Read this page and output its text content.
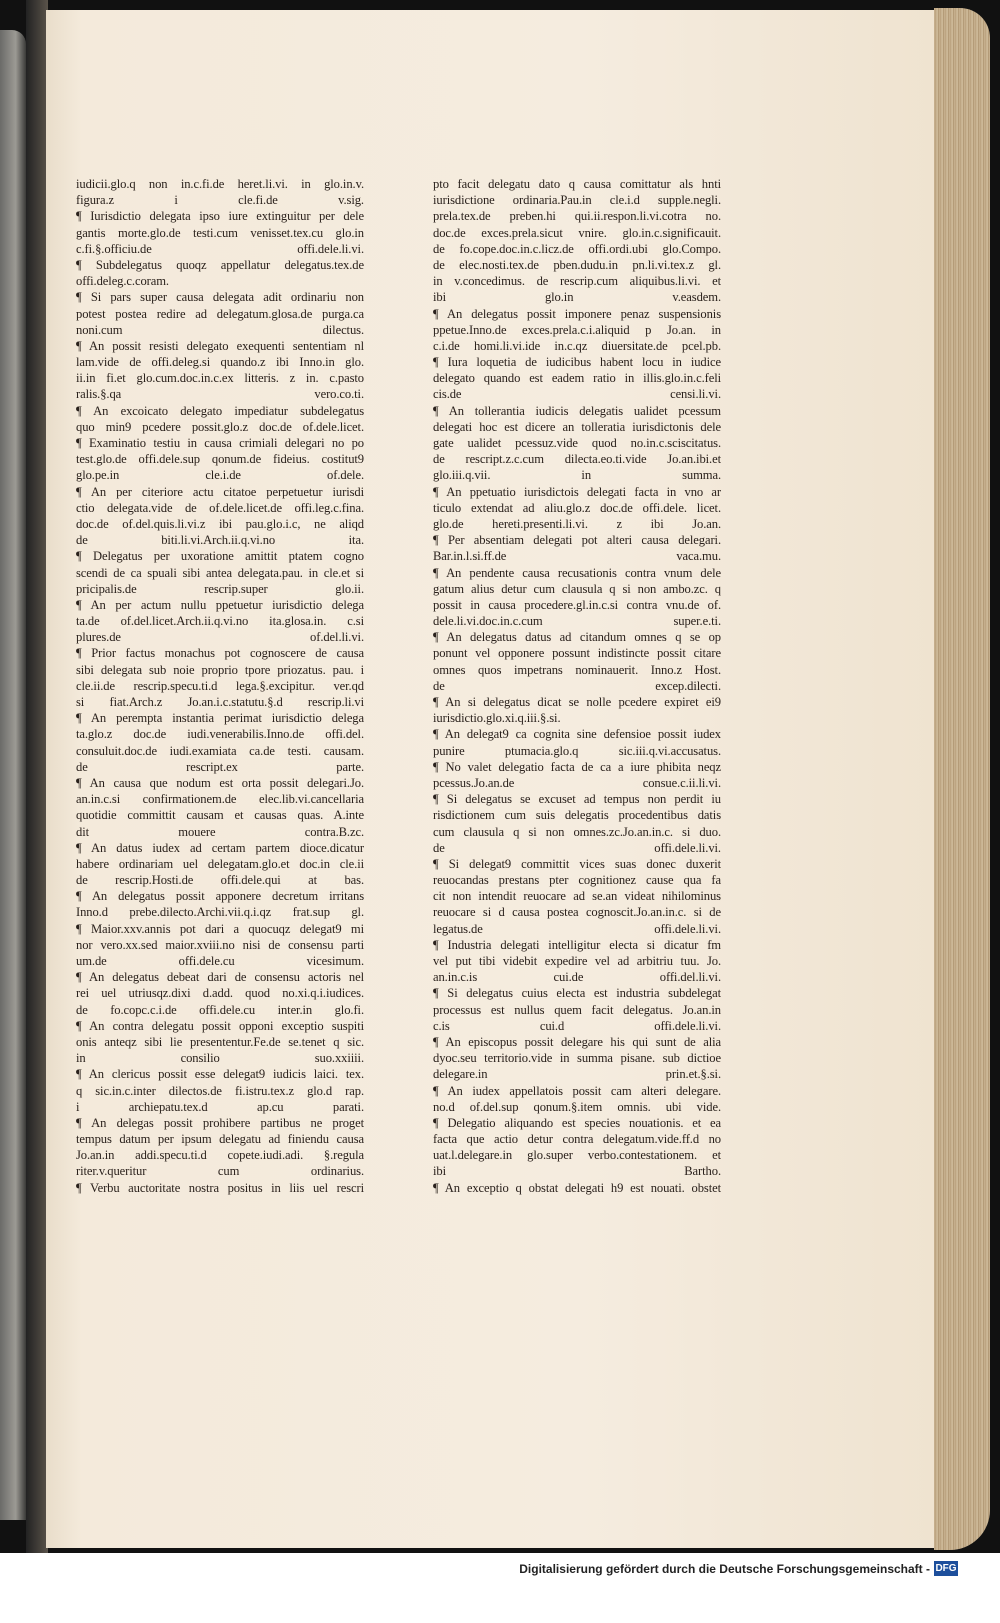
iudicii.glo.q non in.c.fi.de heret.li.vi. in glo.in.v.
figura.z i cle.fi.de v.sig.
¶ Iurisdictio delegata ipso iure extinguitur per dele
gantis morte.glo.de testi.cum venisset.tex.cu glo.in
c.fi.§.officiu.de offi.dele.li.vi.
¶ Subdelegatus quoqz appellatur delegatus.tex.de
offi.deleg.c.coram.
¶ Si pars super causa delegata adit ordinariu non
potest postea redire ad delegatum.glosa.de purga.ca
noni.cum dilectus.
¶ An possit resisti delegato exequenti sententiam nl
lam.vide de offi.deleg.si quando.z ibi Inno.in glo.
ii.in fi.et glo.cum.doc.in.c.ex litteris. z in. c.pasto
ralis.§.qa vero.co.ti.
¶ An excoicato delegato impediatur subdelegatus
quo min9 pcedere possit.glo.z doc.de of.dele.licet.
¶ Examinatio testiu in causa crimiali delegari no po
test.glo.de offi.dele.sup qonum.de fideius. costitut9
glo.pe.in cle.i.de of.dele.
¶ An per citeriore actu citatoe perpetuetur iurisdi
ctio delegata.vide de of.dele.licet.de offi.leg.c.fina.
doc.de of.del.quis.li.vi.z ibi pau.glo.i.c, ne aliqd
de biti.li.vi.Arch.ii.q.vi.no ita.
¶ Delegatus per uxoratione amittit ptatem cogno
scendi de ca spuali sibi antea delegata.pau. in cle.et si
pricipalis.de rescrip.super glo.ii.
¶ An per actum nullu ppetuetur iurisdictio delega
ta.de of.del.licet.Arch.ii.q.vi.no ita.glosa.in. c.si
plures.de of.del.li.vi.
¶ Prior factus monachus pot cognoscere de causa
sibi delegata sub noie proprio tpore priozatus. pau. i
cle.ii.de rescrip.specu.ti.d lega.§.excipitur. ver.qd
si fiat.Arch.z Jo.an.i.c.statutu.§.d rescrip.li.vi
¶ An perempta instantia perimat iurisdictio delega
ta.glo.z doc.de iudi.venerabilis.Inno.de offi.del.
consuluit.doc.de iudi.examiata ca.de testi. causam.
de rescript.ex parte.
¶ An causa que nodum est orta possit delegari.Jo.
an.in.c.si confirmationem.de elec.lib.vi.cancellaria
quotidie committit causam et causas quas. A.inte
dit mouere contra.B.zc.
¶ An datus iudex ad certam partem dioce.dicatur
habere ordinariam uel delegatam.glo.et doc.in cle.ii
de rescrip.Hosti.de offi.dele.qui at bas.
¶ An delegatus possit apponere decretum irritans
Inno.d prebe.dilecto.Archi.vii.q.i.qz frat.sup gl.
¶ Maior.xxv.annis pot dari a quocuqz delegat9 mi
nor vero.xx.sed maior.xviii.no nisi de consensu parti
um.de offi.dele.cu vicesimum.
¶ An delegatus debeat dari de consensu actoris nel
rei uel utriusqz.dixi d.add. quod no.xi.q.i.iudices.
de fo.copc.c.i.de offi.dele.cu inter.in glo.fi.
¶ An contra delegatu possit opponi exceptio suspiti
onis anteqz sibi lie presententur.Fe.de se.tenet q sic.
in consilio suo.xxiiii.
¶ An clericus possit esse delegat9 iudicis laici. tex.
q sic.in.c.inter dilectos.de fi.istru.tex.z glo.d rap.
i archiepatu.tex.d ap.cu parati.
¶ An delegas possit prohibere partibus ne proget
tempus datum per ipsum delegatu ad finiendu causa
Jo.an.in addi.specu.ti.d copete.iudi.adi. §.regula
riter.v.queritur cum ordinarius.
¶ Verbu auctoritate nostra positus in liis uel rescri
pto facit delegatu dato q causa comittatur als hnti
iurisdictione ordinaria.Pau.in cle.i.d supple.negli.
prela.tex.de preben.hi qui.ii.respon.li.vi.cotra no.
doc.de exces.prela.sicut vnire. glo.in.c.significauit.
de fo.cope.doc.in.c.licz.de offi.ordi.ubi glo.Compo.
de elec.nosti.tex.de pben.dudu.in pn.li.vi.tex.z gl.
in v.concedimus. de rescrip.cum aliquibus.li.vi. et
ibi glo.in v.easdem.
¶ An delegatus possit imponere penaz suspensionis
ppetue.Inno.de exces.prela.c.i.aliquid p Jo.an. in
c.i.de homi.li.vi.ide in.c.qz diuersitate.de pcel.pb.
¶ Iura loquetia de iudicibus habent locu in iudice
delegato quando est eadem ratio in illis.glo.in.c.feli
cis.de censi.li.vi.
¶ An tollerantia iudicis delegatis ualidet pcessum
delegati hoc est dicere an tolleratia iurisdictonis dele
gate ualidet pcessuz.vide quod no.in.c.sciscitatus.
de rescript.z.c.cum dilecta.eo.ti.vide Jo.an.ibi.et
glo.iii.q.vii. in summa.
¶ An ppetuatio iurisdictois delegati facta in vno ar
ticulo extendat ad aliu.glo.z doc.de offi.dele. licet.
glo.de hereti.presenti.li.vi. z ibi Jo.an.
¶ Per absentiam delegati pot alteri causa delegari.
Bar.in.l.si.ff.de vaca.mu.
¶ An pendente causa recusationis contra vnum dele
gatum alius detur cum clausula q si non ambo.zc. q
possit in causa procedere.gl.in.c.si contra vnu.de of.
dele.li.vi.doc.in.c.cum super.e.ti.
¶ An delegatus datus ad citandum omnes q se op
ponunt vel opponere possunt indistincte possit citare
omnes quos impetrans nominauerit. Inno.z Host.
de excep.dilecti.
¶ An si delegatus dicat se nolle pcedere expiret ei9
iurisdictio.glo.xi.q.iii.§.si.
¶ An delegat9 ca cognita sine defensioe possit iudex
punire ptumacia.glo.q sic.iii.q.vi.accusatus.
¶ No valet delegatio facta de ca a iure phibita neqz
pcessus.Jo.an.de consue.c.ii.li.vi.
¶ Si delegatus se excuset ad tempus non perdit iu
risdictionem cum suis delegatis procedentibus datis
cum clausula q si non omnes.zc.Jo.an.in.c. si duo.
de offi.dele.li.vi.
¶ Si delegat9 committit vices suas donec duxerit
reuocandas prestans pter cognitionez cause qua fa
cit non intendit reuocare ad se.an videat nihilominus
reuocare si d causa postea cognoscit.Jo.an.in.c. si de
legatus.de offi.dele.li.vi.
¶ Industria delegati intelligitur electa si dicatur fm
vel put tibi videbit expedire vel ad arbitriu tuu. Jo.
an.in.c.is cui.de offi.del.li.vi.
¶ Si delegatus cuius electa est industria subdelegat
processus est nullus quem facit delegatus. Jo.an.in
c.is cui.d offi.dele.li.vi.
¶ An episcopus possit delegare his qui sunt de alia
dyoc.seu territorio.vide in summa pisane. sub dictioe
delegare.in prin.et.§.si.
¶ An iudex appellatois possit cam alteri delegare.
no.d of.del.sup qonum.§.item omnis. ubi vide.
¶ Delegatio aliquando est species nouationis. et ea
facta que actio detur contra delegatum.vide.ff.d no
uat.l.delegare.in glo.super verbo.contestationem. et
ibi Bartho.
¶ An exceptio q obstat delegati h9 est nouati. obstet
Digitalisierung gefördert durch die Deutsche Forschungsgemeinschaft - DFG
